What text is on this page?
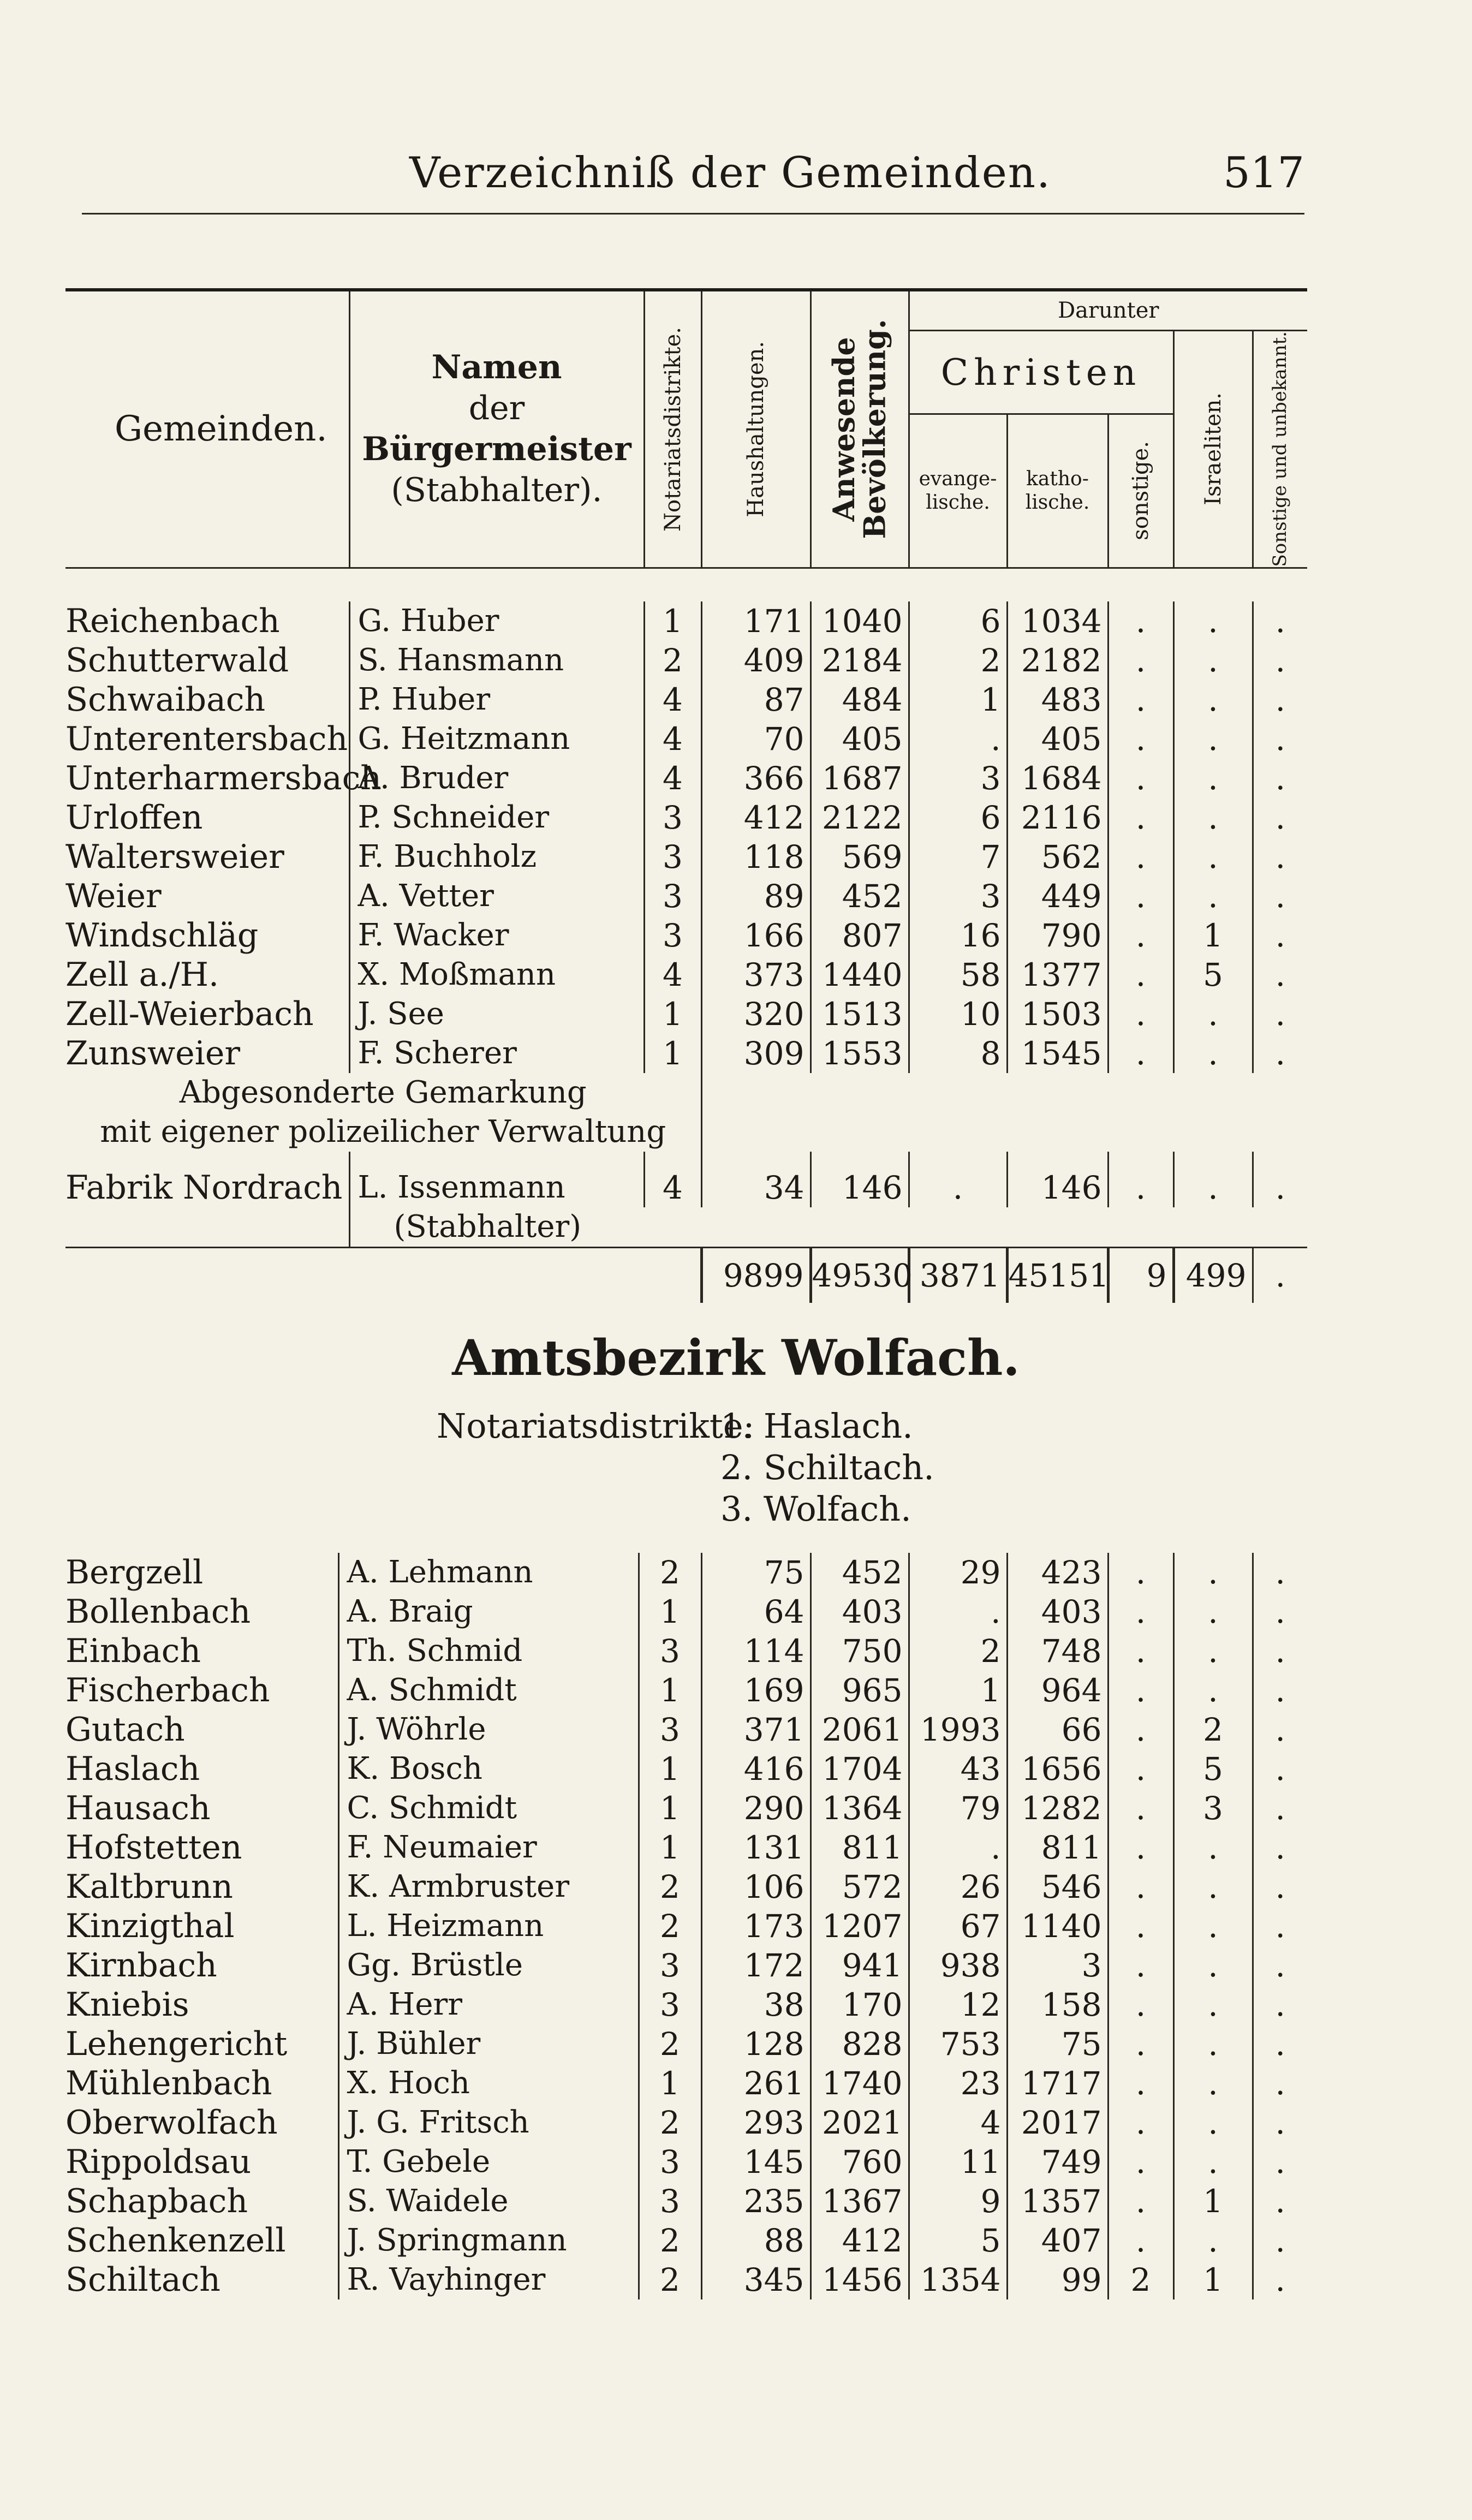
Verzeichniß der Gemeinden.	517
Gemeinden.	Namen
der
Bürgermeister
(Stabhalter).	Notariatsdistrikte.	Haushaltungen.	Anwesende Bevölkerung.	Darunter				
					Christen			Israeliten.	Sonstige und unbekannt.

					evange-lische.	katho-lische.	sonstige.		

Reichenbach	G. Huber	1	171	1040	6	1034	.	.	.
Schutterwald	S. Hansmann	2	409	2184	2	2182	.	.	.
Schwaibach	P. Huber	4	87	484	1	483	.	.	.
Unterentersbach	G. Heitzmann	4	70	405	.	405	.	.	.
Unterharmersbach	A. Bruder	4	366	1687	3	1684	.	.	.
Urloffen	P. Schneider	3	412	2122	6	2116	.	.	.
Waltersweier	F. Buchholz	3	118	569	7	562	.	.	.
Weier	A. Vetter	3	89	452	3	449	.	.	.
Windschläg	F. Wacker	3	166	807	16	790	.	1	.
Zell a./H.	X. Moßmann	4	373	1440	58	1377	.	5	.
Zell-Weierbach	J. See	1	320	1513	10	1503	.	.	.
Zunsweier	F. Scherer	1	309	1553	8	1545	.	.	.
Abgesonderte Gemarkung									
mit eigener polizeilicher Verwaltung									
Fabrik Nordrach	L. Issenmann	4	34	146	.	146	.	.	.
	(Stabhalter)								
			9899	49530	3871	45151	9	499	.
Amtsbezirk Wolfach.
Notariatsdistrikte:1. Haslach.
2. Schiltach.
3. Wolfach.
Bergzell	A. Lehmann	2	75	452	29	423	.	.	.
Bollenbach	A. Braig	1	64	403	.	403	.	.	.
Einbach	Th. Schmid	3	114	750	2	748	.	.	.
Fischerbach	A. Schmidt	1	169	965	1	964	.	.	.
Gutach	J. Wöhrle	3	371	2061	1993	66	.	2	.
Haslach	K. Bosch	1	416	1704	43	1656	.	5	.
Hausach	C. Schmidt	1	290	1364	79	1282	.	3	.
Hofstetten	F. Neumaier	1	131	811	.	811	.	.	.
Kaltbrunn	K. Armbruster	2	106	572	26	546	.	.	.
Kinzigthal	L. Heizmann	2	173	1207	67	1140	.	.	.
Kirnbach	Gg. Brüstle	3	172	941	938	3	.	.	.
Kniebis	A. Herr	3	38	170	12	158	.	.	.
Lehengericht	J. Bühler	2	128	828	753	75	.	.	.
Mühlenbach	X. Hoch	1	261	1740	23	1717	.	.	.
Oberwolfach	J. G. Fritsch	2	293	2021	4	2017	.	.	.
Rippoldsau	T. Gebele	3	145	760	11	749	.	.	.
Schapbach	S. Waidele	3	235	1367	9	1357	.	1	.
Schenkenzell	J. Springmann	2	88	412	5	407	.	.	.
Schiltach	R. Vayhinger	2	345	1456	1354	99	2	1	.
